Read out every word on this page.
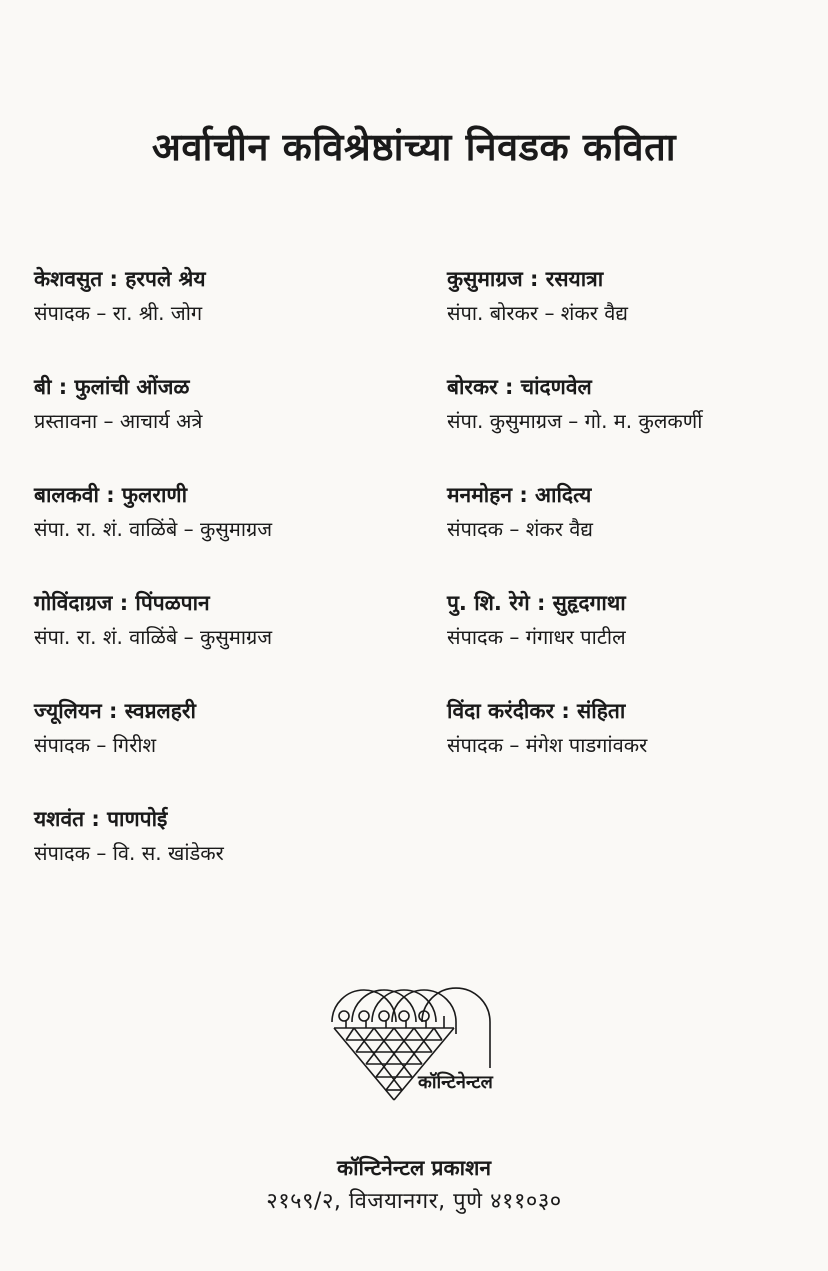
अर्वाचीन कविश्रेष्ठांच्या निवडक कविता
केशवसुत : हरपले श्रेय
संपादक – रा. श्री. जोग
बी : फुलांची ओंजळ
प्रस्तावना – आचार्य अत्रे
बालकवी : फुलराणी
संपा. रा. शं. वाळिंबे – कुसुमाग्रज
गोविंदाग्रज : पिंपळपान
संपा. रा. शं. वाळिंबे – कुसुमाग्रज
ज्यूलियन : स्वप्नलहरी
संपादक – गिरीश
यशवंत : पाणपोई
संपादक – वि. स. खांडेकर
कुसुमाग्रज : रसयात्रा
संपा. बोरकर – शंकर वैद्य
बोरकर : चांदणवेल
संपा. कुसुमाग्रज – गो. म. कुलकर्णी
मनमोहन : आदित्य
संपादक – शंकर वैद्य
पु. शि. रेगे : सुहृदगाथा
संपादक – गंगाधर पाटील
विंदा करंदीकर : संहिता
संपादक – मंगेश पाडगांवकर
कॉन्टिनेन्टल
कॉन्टिनेन्टल प्रकाशन
२१५९/२, विजयानगर, पुणे ४११०३०
